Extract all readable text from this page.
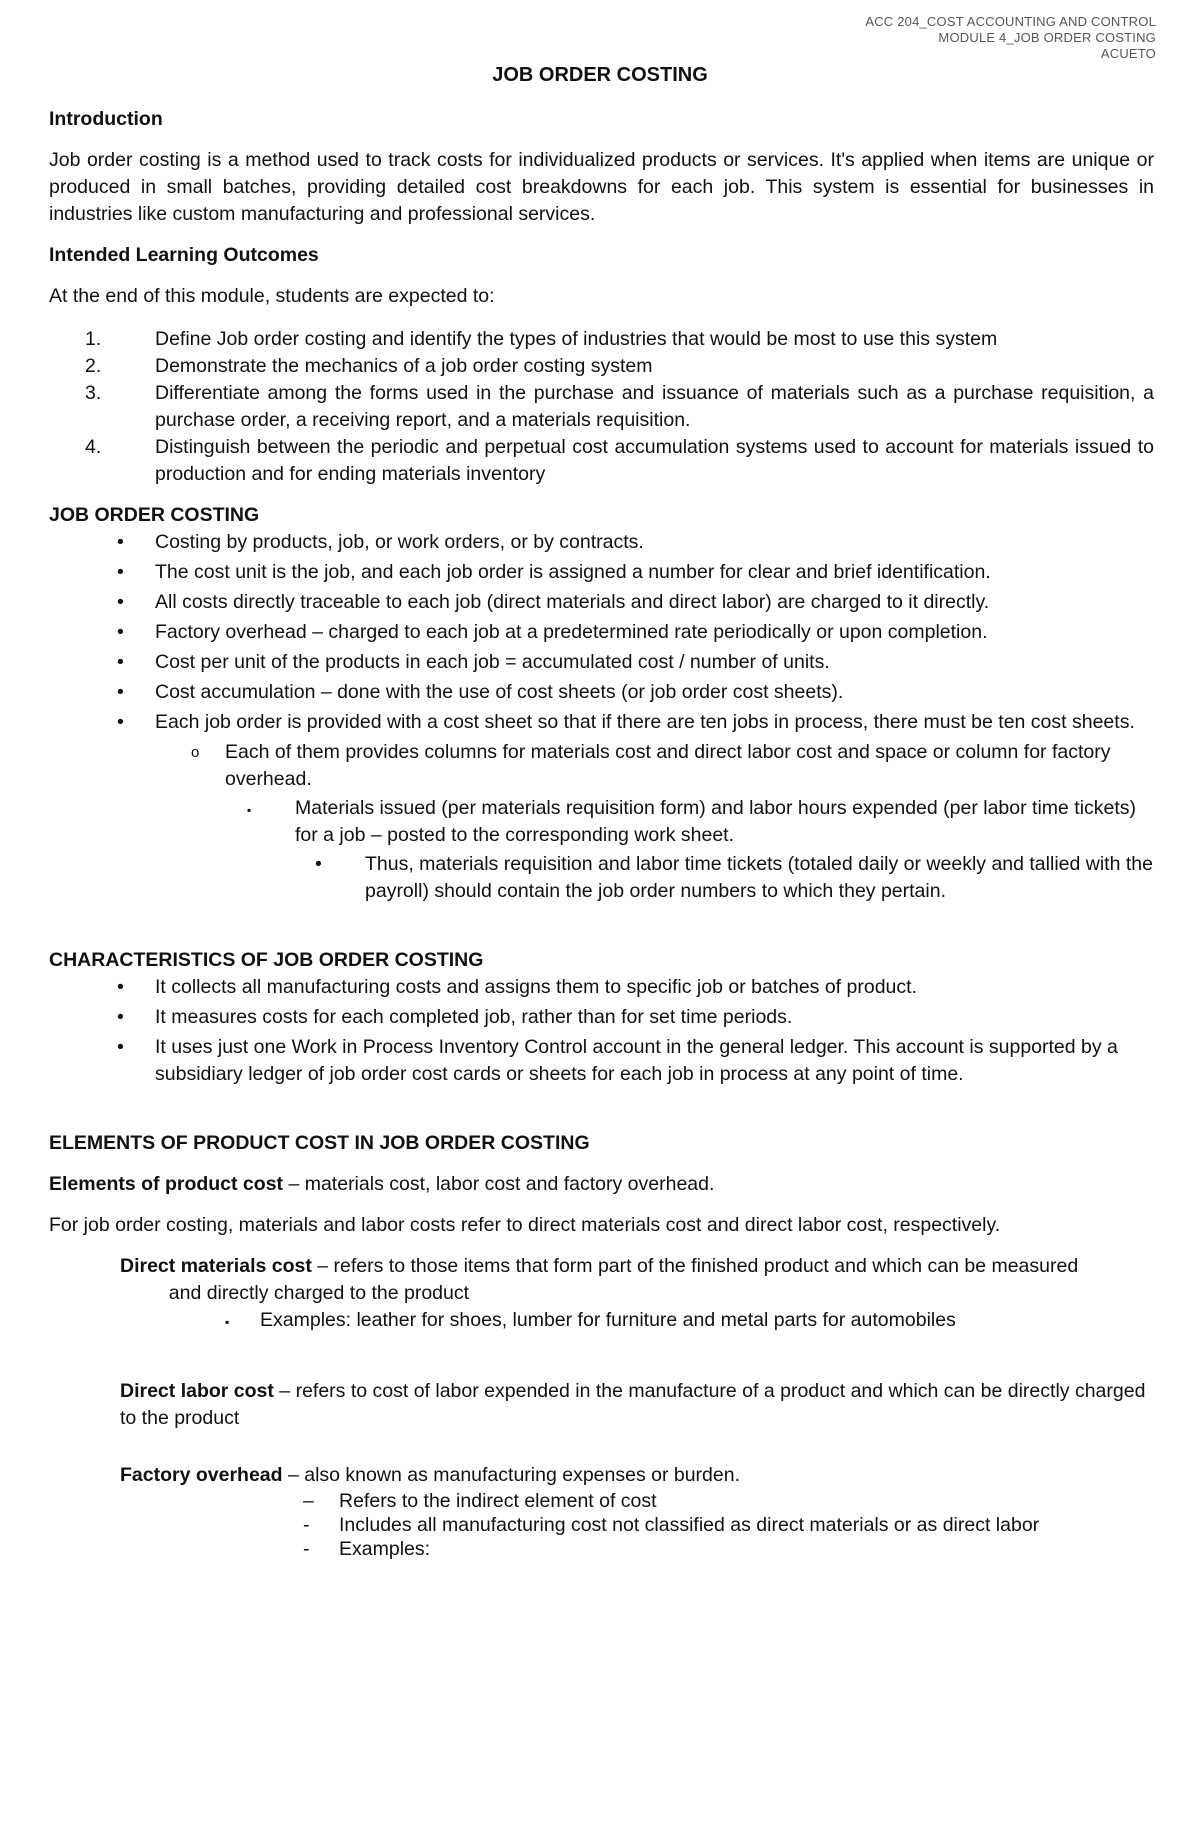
ACC 204_COST ACCOUNTING AND CONTROL
MODULE 4_JOB ORDER COSTING
ACUETO
JOB ORDER COSTING
Introduction

Job order costing is a method used to track costs for individualized products or services. It's applied when items are unique or produced in small batches, providing detailed cost breakdowns for each job. This system is essential for businesses in industries like custom manufacturing and professional services.

Intended Learning Outcomes

At the end of this module, students are expected to:

1.	Define Job order costing and identify the types of industries that would be most to use this system
2.	Demonstrate the mechanics of a job order costing system
3.	Differentiate among the forms used in the purchase and issuance of materials such as a purchase requisition, a purchase order, a receiving report, and a materials requisition.
4.	Distinguish between the periodic and perpetual cost accumulation systems used to account for materials issued to production and for ending materials inventory
JOB ORDER COSTING
•	Costing by products, job, or work orders, or by contracts.
•	The cost unit is the job, and each job order is assigned a number for clear and brief identification.
•	All costs directly traceable to each job (direct materials and direct labor) are charged to it directly.
•	Factory overhead – charged to each job at a predetermined rate periodically or upon completion.
•	Cost per unit of the products in each job = accumulated cost / number of units.
•	Cost accumulation – done with the use of cost sheets (or job order cost sheets).
•	Each job order is provided with a cost sheet so that if there are ten jobs in process, there must be ten cost sheets.
o	Each of them provides columns for materials cost and direct labor cost and space or column for factory overhead.
▪	Materials issued (per materials requisition form) and labor hours expended (per labor time tickets) for a job – posted to the corresponding work sheet.
•	Thus, materials requisition and labor time tickets (totaled daily or weekly and tallied with the payroll) should contain the job order numbers to which they pertain.
CHARACTERISTICS OF JOB ORDER COSTING
•	It collects all manufacturing costs and assigns them to specific job or batches of product.
•	It measures costs for each completed job, rather than for set time periods.
•	It uses just one Work in Process Inventory Control account in the general ledger. This account is supported by a subsidiary ledger of job order cost cards or sheets for each job in process at any point of time.
ELEMENTS OF PRODUCT COST IN JOB ORDER COSTING

Elements of product cost – materials cost, labor cost and factory overhead.

For job order costing, materials and labor costs refer to direct materials cost and direct labor cost, respectively.

Direct materials cost – refers to those items that form part of the finished product and which can be measured          and directly charged to the product

▪	Examples: leather for shoes, lumber for furniture and metal parts for automobiles

Direct labor cost – refers to cost of labor expended in the manufacture of a product and which can be directly charged to the product

Factory overhead – also known as manufacturing expenses or burden.

–	Refers to the indirect element of cost
-	Includes all manufacturing cost not classified as direct materials or as direct labor
-	Examples:
